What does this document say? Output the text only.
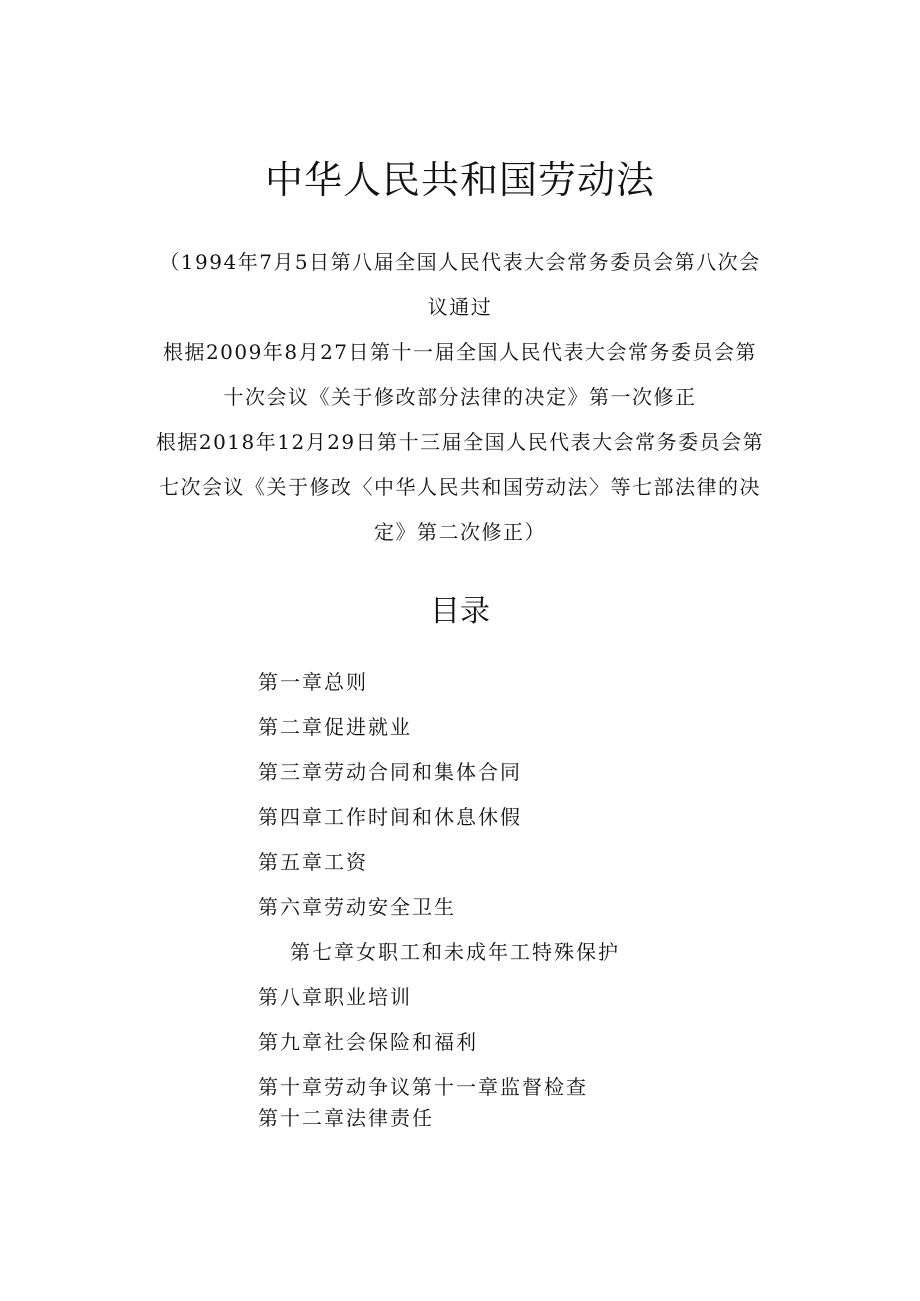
中华人民共和国劳动法
（1994年7月5日第八届全国人民代表大会常务委员会第八次会
议通过
根据2009年8月27日第十一届全国人民代表大会常务委员会第
十次会议《关于修改部分法律的决定》第一次修正
根据2018年12月29日第十三届全国人民代表大会常务委员会第
七次会议《关于修改〈中华人民共和国劳动法〉等七部法律的决
定》第二次修正）
目录
第一章总则
第二章促进就业
第三章劳动合同和集体合同
第四章工作时间和休息休假
第五章工资
第六章劳动安全卫生
第七章女职工和未成年工特殊保护
第八章职业培训
第九章社会保险和福利
第十章劳动争议第十一章监督检查
第十二章法律责任
